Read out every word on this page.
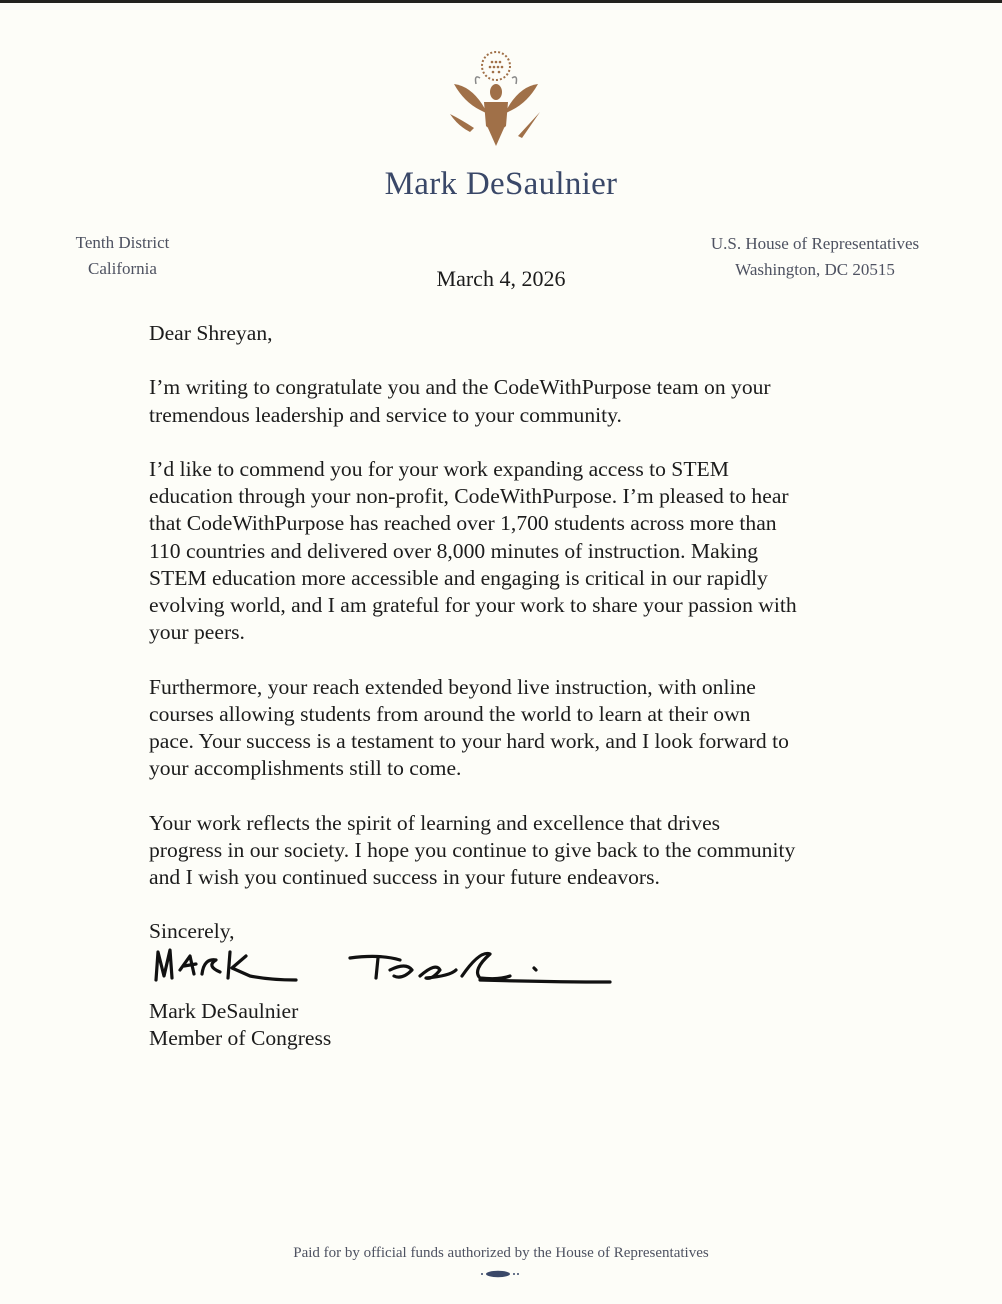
Mark DeSaulnier
Tenth District
California
U.S. House of Representatives
Washington, DC 20515
March 4, 2026

Dear Shreyan,

I’m writing to congratulate you and the CodeWithPurpose team on your
tremendous leadership and service to your community.

I’d like to commend you for your work expanding access to STEM
education through your non-profit, CodeWithPurpose. I’m pleased to hear
that CodeWithPurpose has reached over 1,700 students across more than
110 countries and delivered over 8,000 minutes of instruction. Making
STEM education more accessible and engaging is critical in our rapidly
evolving world, and I am grateful for your work to share your passion with
your peers.

Furthermore, your reach extended beyond live instruction, with online
courses allowing students from around the world to learn at their own
pace. Your success is a testament to your hard work, and I look forward to
your accomplishments still to come.

Your work reflects the spirit of learning and excellence that drives
progress in our society. I hope you continue to give back to the community
and I wish you continued success in your future endeavors.

Sincerely,

Mark DeSaulnier
Member of Congress
Paid for by official funds authorized by the House of Representatives
